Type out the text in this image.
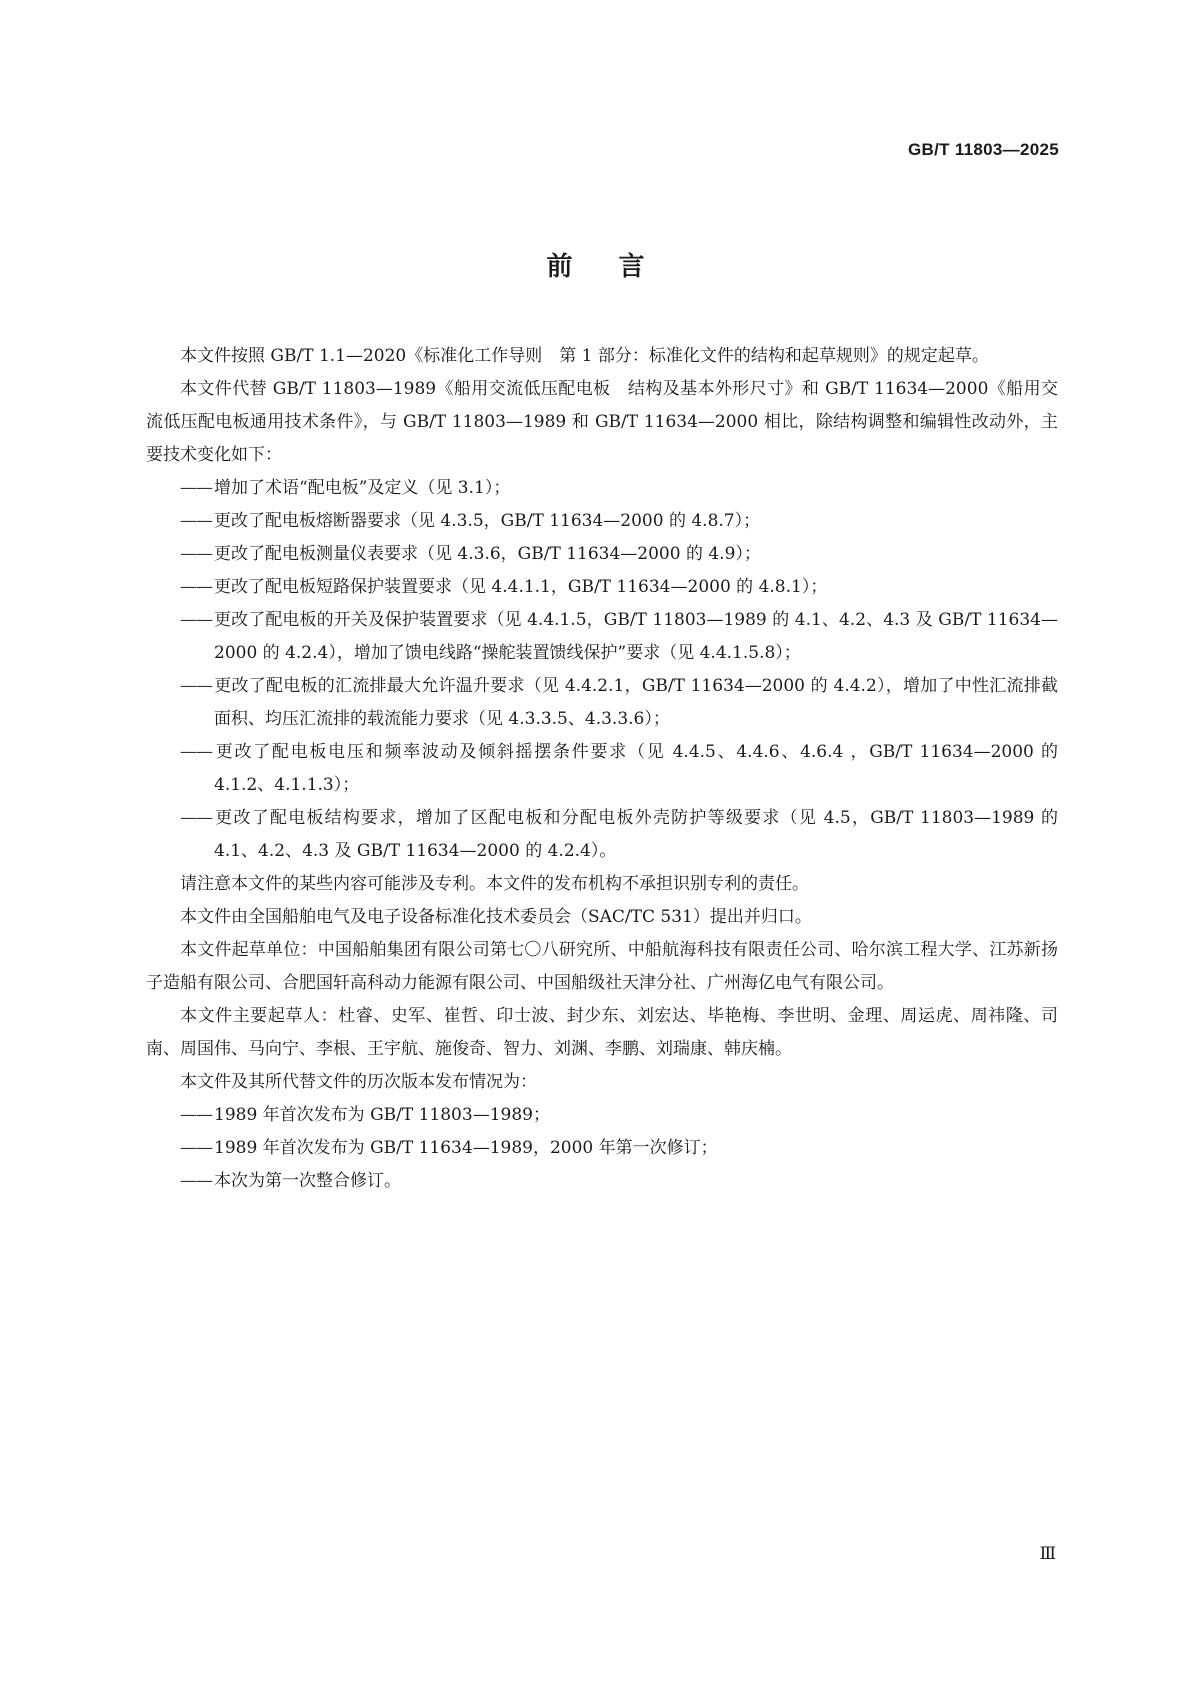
GB/T 11803—2025
前言

本文件按照 GB/T 1.1—2020《标准化工作导则　第 1 部分：标准化文件的结构和起草规则》的规定起草。

本文件代替 GB/T 11803—1989《船用交流低压配电板　结构及基本外形尺寸》和 GB/T 11634—2000《船用交流低压配电板通用技术条件》，与 GB/T 11803—1989 和 GB/T 11634—2000 相比，除结构调整和编辑性改动外，主要技术变化如下：

—— 增加了术语“配电板”及定义（见 3.1）；

—— 更改了配电板熔断器要求（见 4.3.5，GB/T 11634—2000 的 4.8.7）；

—— 更改了配电板测量仪表要求（见 4.3.6，GB/T 11634—2000 的 4.9）；

—— 更改了配电板短路保护装置要求（见 4.4.1.1，GB/T 11634—2000 的 4.8.1）；

—— 更改了配电板的开关及保护装置要求（见 4.4.1.5，GB/T 11803—1989 的 4.1、4.2、4.3 及 GB/T 11634—2000 的 4.2.4），增加了馈电线路“操舵装置馈线保护”要求（见 4.4.1.5.8）；

—— 更改了配电板的汇流排最大允许温升要求（见 4.4.2.1，GB/T 11634—2000 的 4.4.2），增加了中性汇流排截面积、均压汇流排的载流能力要求（见 4.3.3.5、4.3.3.6）；

—— 更改了配电板电压和频率波动及倾斜摇摆条件要求（见 4.4.5、4.4.6、4.6.4 ，GB/T 11634—2000 的 4.1.2、4.1.1.3）；

—— 更改了配电板结构要求，增加了区配电板和分配电板外壳防护等级要求（见 4.5，GB/T 11803—1989 的 4.1、4.2、4.3 及 GB/T 11634—2000 的 4.2.4）。

请注意本文件的某些内容可能涉及专利。本文件的发布机构不承担识别专利的责任。

本文件由全国船舶电气及电子设备标准化技术委员会（SAC/TC 531）提出并归口。

本文件起草单位：中国船舶集团有限公司第七〇八研究所、中船航海科技有限责任公司、哈尔滨工程大学、江苏新扬子造船有限公司、合肥国轩高科动力能源有限公司、中国船级社天津分社、广州海亿电气有限公司。

本文件主要起草人：杜睿、史军、崔哲、印士波、封少东、刘宏达、毕艳梅、李世明、金理、周运虎、周祎隆、司南、周国伟、马向宁、李根、王宇航、施俊奇、智力、刘渊、李鹏、刘瑞康、韩庆楠。

本文件及其所代替文件的历次版本发布情况为：

—— 1989 年首次发布为 GB/T 11803—1989；

—— 1989 年首次发布为 GB/T 11634—1989，2000 年第一次修订；

—— 本次为第一次整合修订。

Ⅲ
